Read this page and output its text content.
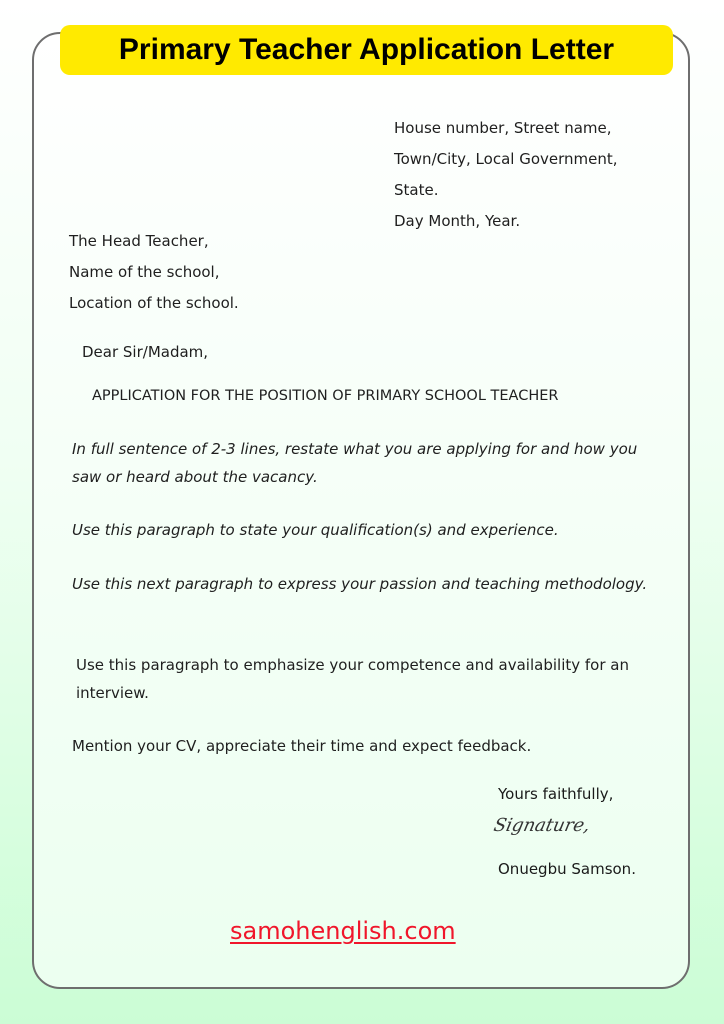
Primary Teacher Application Letter
House number, Street name,
Town/City, Local Government,
State.
Day Month, Year.
The Head Teacher,
Name of the school,
Location of the school.

Dear Sir/Madam,

APPLICATION FOR THE POSITION OF PRIMARY SCHOOL TEACHER

In full sentence of 2-3 lines, restate what you are applying for and how you saw or heard about the vacancy.

Use this paragraph to state your qualification(s) and experience.

Use this next paragraph to express your passion and teaching methodology.

Use this paragraph to emphasize your competence and availability for an interview.

Mention your CV, appreciate their time and expect feedback.

Yours faithfully,

Signature,

Onuegbu Samson.

samohenglish.com
